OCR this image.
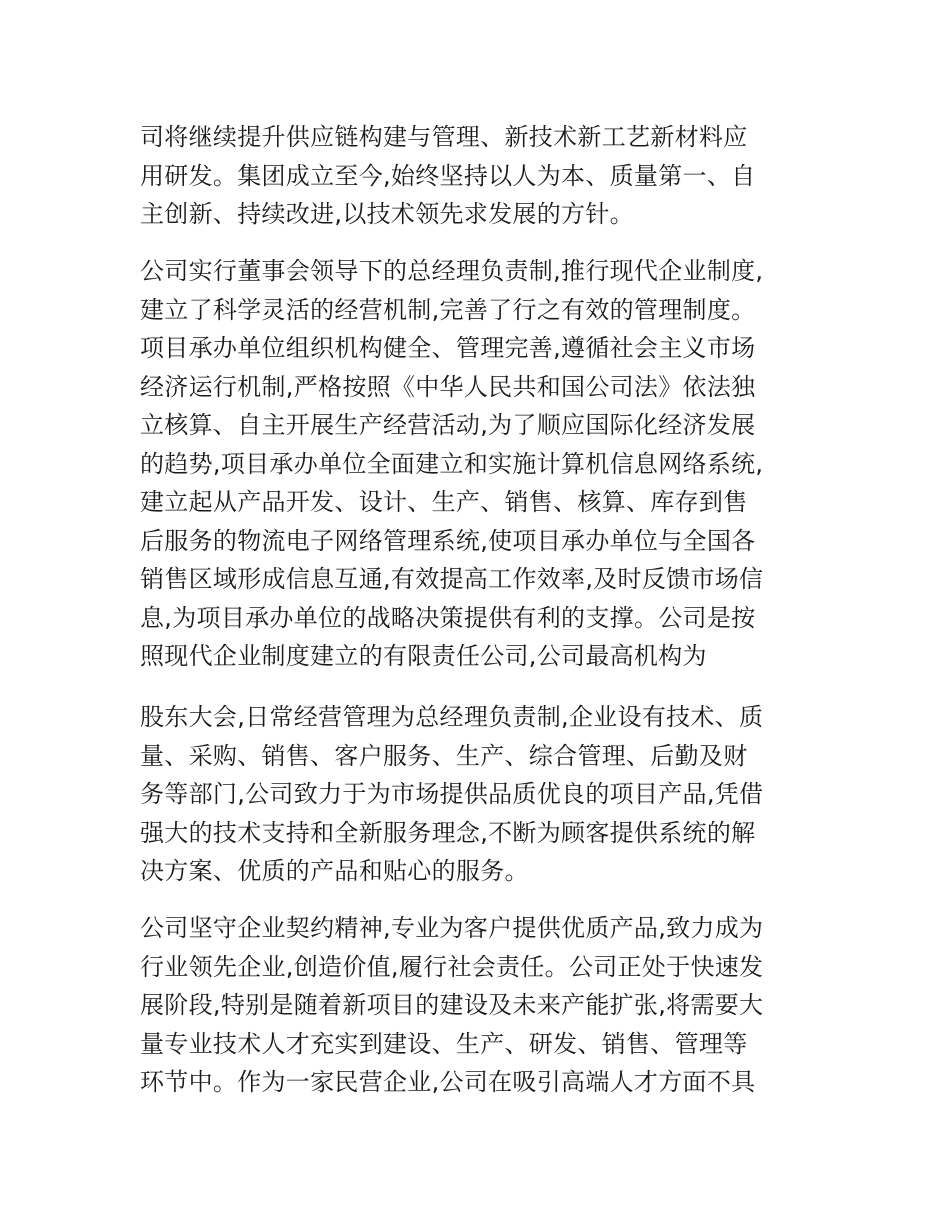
司将继续提升供应链构建与管理、新技术新工艺新材料应
用研发。集团成立至今,始终坚持以人为本、质量第一、自
主创新、持续改进,以技术领先求发展的方针。
公司实行董事会领导下的总经理负责制,推行现代企业制度,
建立了科学灵活的经营机制,完善了行之有效的管理制度。
项目承办单位组织机构健全、管理完善,遵循社会主义市场
经济运行机制,严格按照《中华人民共和国公司法》依法独
立核算、自主开展生产经营活动,为了顺应国际化经济发展
的趋势,项目承办单位全面建立和实施计算机信息网络系统,
建立起从产品开发、设计、生产、销售、核算、库存到售
后服务的物流电子网络管理系统,使项目承办单位与全国各
销售区域形成信息互通,有效提高工作效率,及时反馈市场信
息,为项目承办单位的战略决策提供有利的支撑。公司是按
照现代企业制度建立的有限责任公司,公司最高机构为
股东大会,日常经营管理为总经理负责制,企业设有技术、质
量、采购、销售、客户服务、生产、综合管理、后勤及财
务等部门,公司致力于为市场提供品质优良的项目产品,凭借
强大的技术支持和全新服务理念,不断为顾客提供系统的解
决方案、优质的产品和贴心的服务。
公司坚守企业契约精神,专业为客户提供优质产品,致力成为
行业领先企业,创造价值,履行社会责任。公司正处于快速发
展阶段,特别是随着新项目的建设及未来产能扩张,将需要大
量专业技术人才充实到建设、生产、研发、销售、管理等
环节中。作为一家民营企业,公司在吸引高端人才方面不具
